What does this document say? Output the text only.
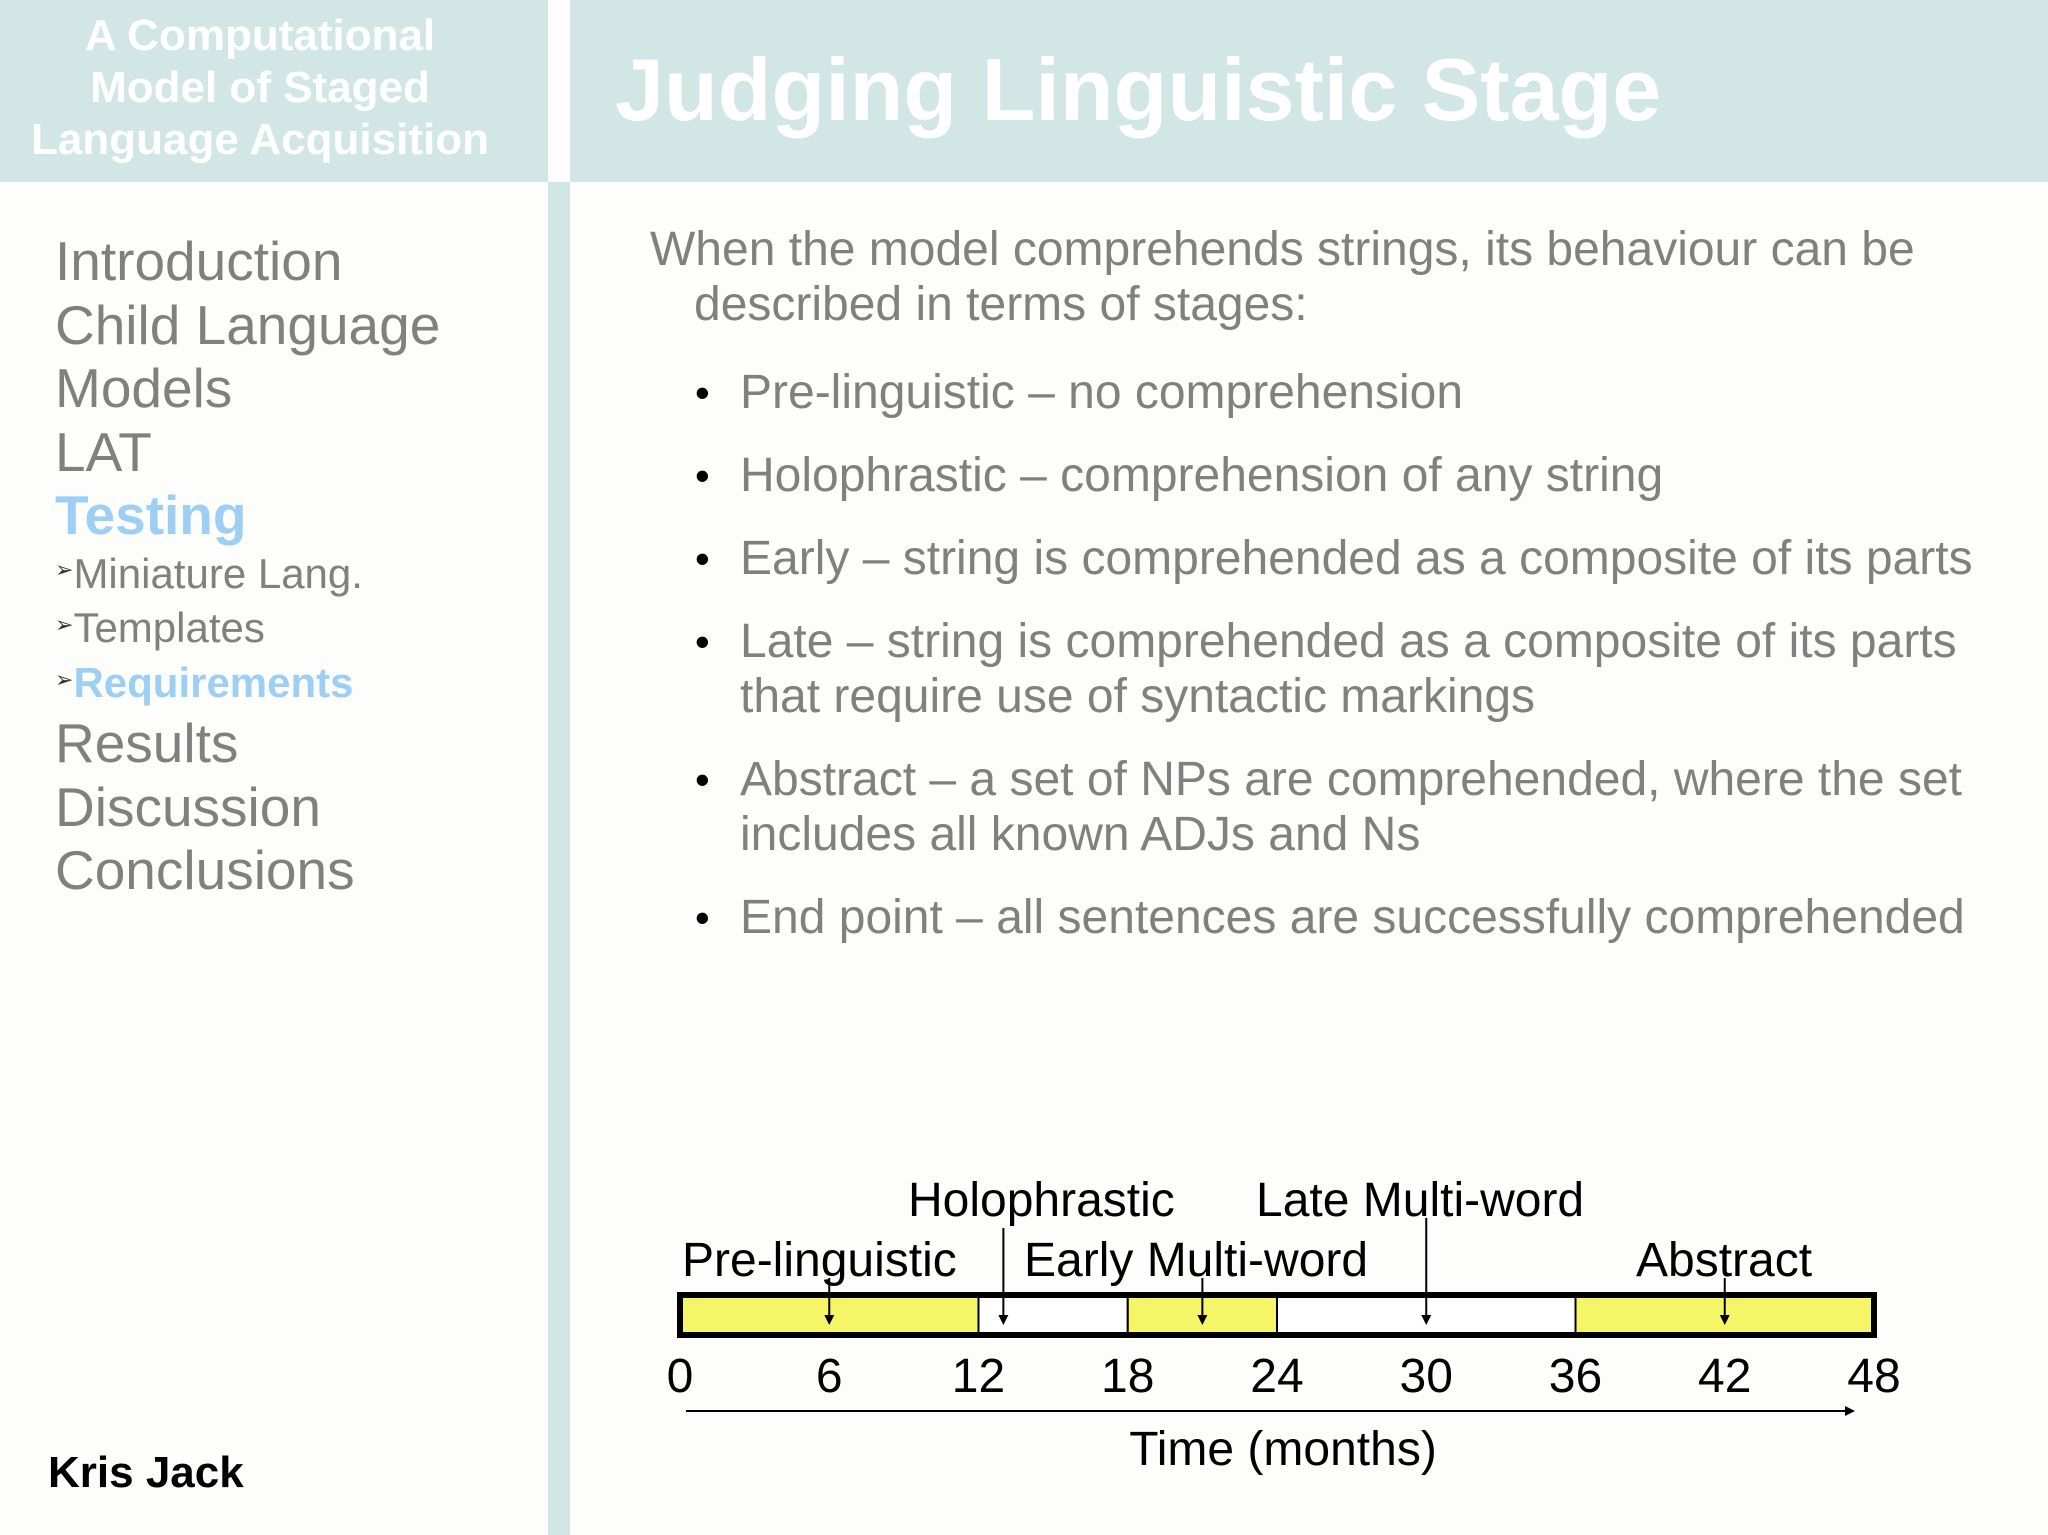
A Computational
Model of Staged
Language Acquisition
Judging Linguistic Stage
Introduction
Child Language
Models
LAT
Testing
➢Miniature Lang.
➢Templates
➢Requirements
Results
Discussion
Conclusions
Kris Jack
When the model comprehends strings, its behaviour can be described in terms of stages:
• Pre-linguistic – no comprehension
• Holophrastic – comprehension of any string
• Early – string is comprehended as a composite of its parts
• Late – string is comprehended as a composite of its parts that require use of syntactic markings
• Abstract – a set of NPs are comprehended, where the set includes all known ADJs and Ns
• End point – all sentences are successfully comprehended
Holophrastic Late Multi-word
Pre-linguistic Early Multi-word	Abstract
0	6 12 18 24 30 36 42 48
Time (months)
